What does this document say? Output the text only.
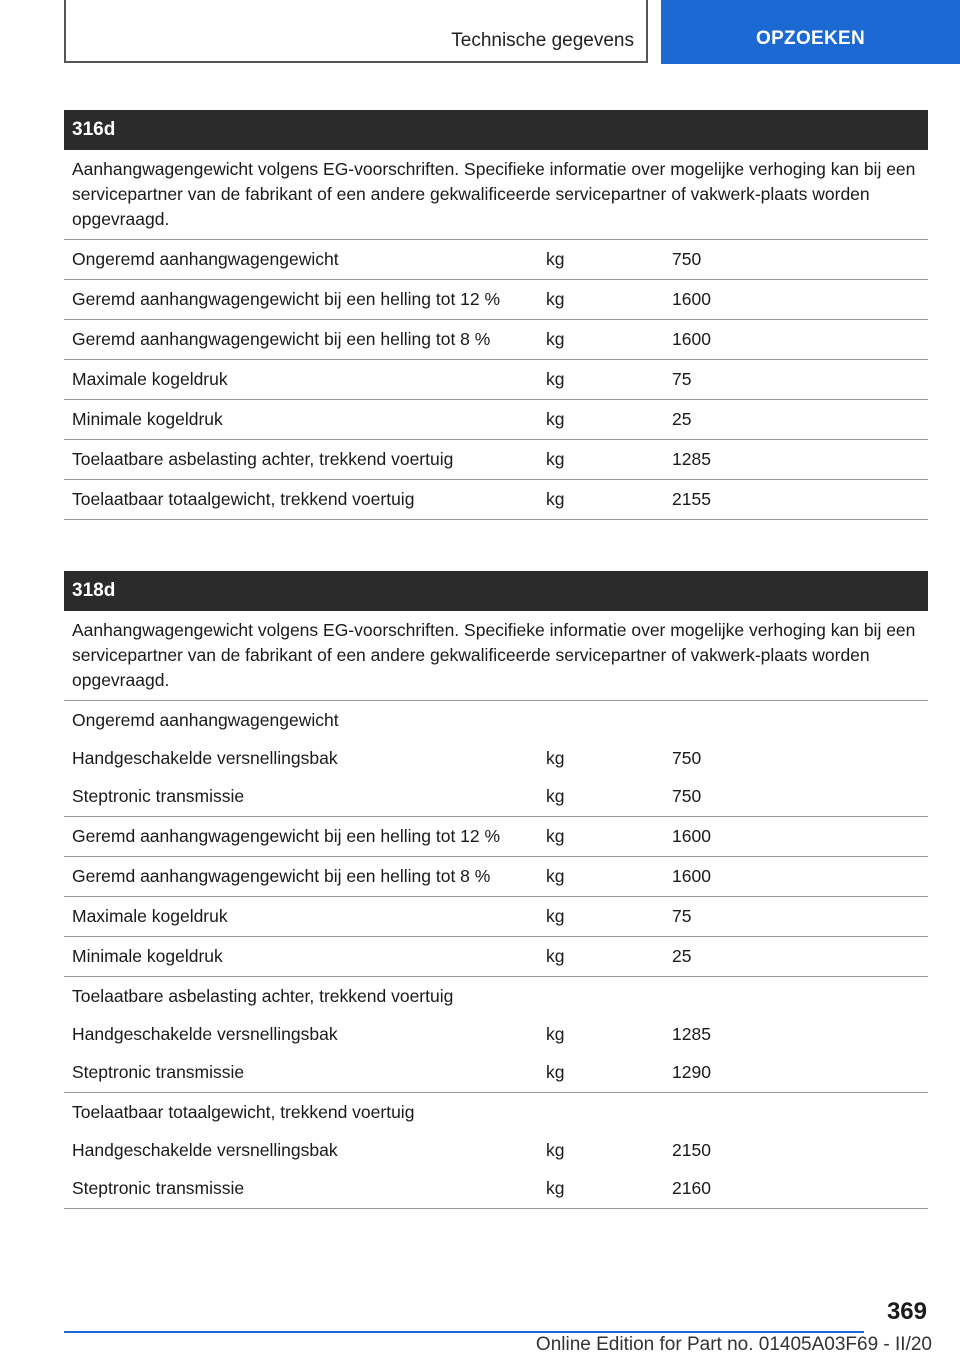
Technische gegevens	OPZOEKEN
316d
Aanhangwagengewicht volgens EG-voorschriften. Specifieke informatie over mogelijke verhoging kan bij een servicepartner van de fabrikant of een andere gekwalificeerde servicepartner of vakwerk-plaats worden opgevraagd.
Ongeremd aanhangwagengewicht	kg	750
Geremd aanhangwagengewicht bij een helling tot 12 %	kg	1600
Geremd aanhangwagengewicht bij een helling tot 8 %	kg	1600
Maximale kogeldruk	kg	75
Minimale kogeldruk	kg	25
Toelaatbare asbelasting achter, trekkend voertuig	kg	1285
Toelaatbaar totaalgewicht, trekkend voertuig	kg	2155
318d
Aanhangwagengewicht volgens EG-voorschriften. Specifieke informatie over mogelijke verhoging kan bij een servicepartner van de fabrikant of een andere gekwalificeerde servicepartner of vakwerk-plaats worden opgevraagd.
Ongeremd aanhangwagengewicht
Handgeschakelde versnellingsbak	kg	750
Steptronic transmissie	kg	750
Geremd aanhangwagengewicht bij een helling tot 12 %	kg	1600
Geremd aanhangwagengewicht bij een helling tot 8 %	kg	1600
Maximale kogeldruk	kg	75
Minimale kogeldruk	kg	25
Toelaatbare asbelasting achter, trekkend voertuig
Handgeschakelde versnellingsbak	kg	1285
Steptronic transmissie	kg	1290
Toelaatbaar totaalgewicht, trekkend voertuig
Handgeschakelde versnellingsbak	kg	2150
Steptronic transmissie	kg	2160
369
Online Edition for Part no. 01405A03F69 - II/20
